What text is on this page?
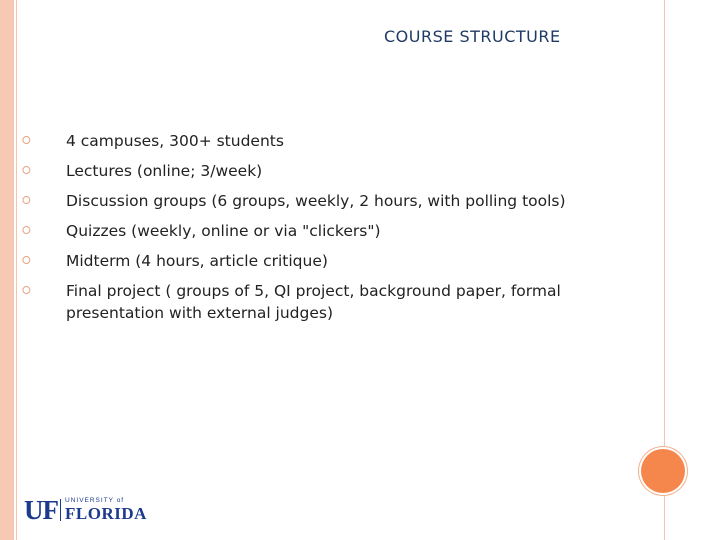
COURSE STRUCTURE
⭘ 4 campuses, 300+ students
⭘ Lectures (online; 3/week)
⭘ Discussion groups (6 groups, weekly, 2 hours, with polling tools)
⭘ Quizzes (weekly, online or via "clickers")
⭘ Midterm (4 hours, article critique)
⭘ Final project ( groups of 5, QI project, background paper, formal presentation with external judges)
UF UNIVERSITY of
FLORIDA
